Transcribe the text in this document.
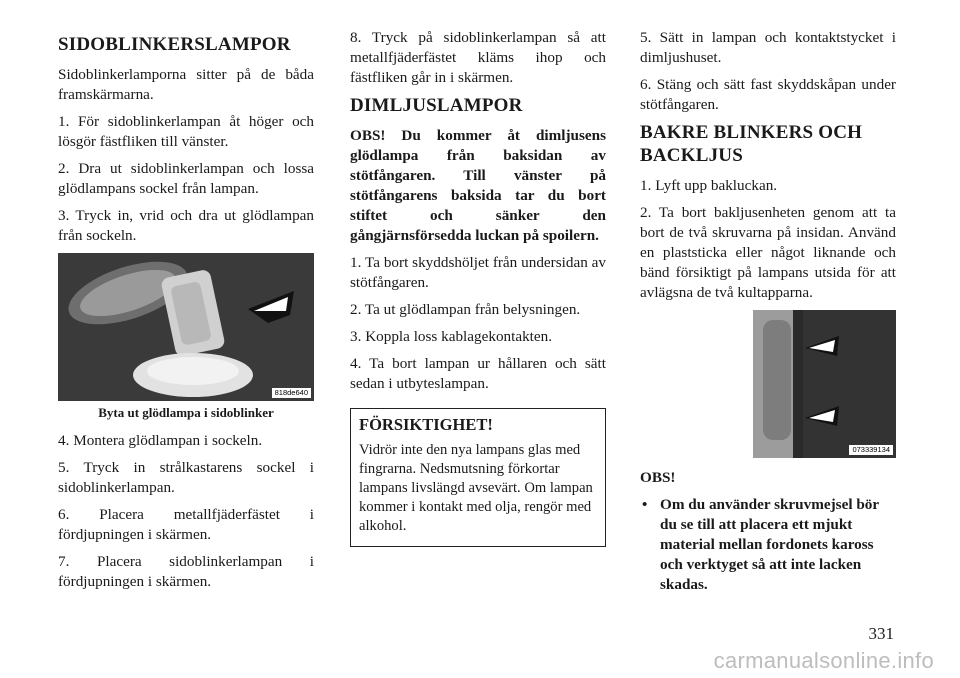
SIDOBLINKERSLAMPOR

Sidoblinkerlamporna sitter på de båda framskärmarna.

1. För sidoblinkerlampan åt höger och lösgör fästfliken till vänster.

2. Dra ut sidoblinkerlampan och lossa glödlampans sockel från lampan.

3. Tryck in, vrid och dra ut glödlampan från sockeln.

818de640
Byta ut glödlampa i sidoblinker

4. Montera glödlampan i sockeln.

5. Tryck in strålkastarens sockel i sidoblinkerlampan.

6. Placera metallfjäderfästet i fördjupningen i skärmen.

7. Placera sidoblinkerlampan i fördjupningen i skärmen.

8. Tryck på sidoblinkerlampan så att metallfjäderfästet kläms ihop och fästfliken går in i skärmen.

DIMLJUSLAMPOR

OBS! Du kommer åt dimljusens glödlampa från baksidan av stötfångaren. Till vänster på stötfångarens baksida tar du bort stiftet och sänker den gångjärnsförsedda luckan på spoilern.

1. Ta bort skyddshöljet från undersidan av stötfångaren.

2. Ta ut glödlampan från belysningen.

3. Koppla loss kablagekontakten.

4. Ta bort lampan ur hållaren och sätt sedan i utbyteslampan.

FÖRSIKTIGHET!

Vidrör inte den nya lampans glas med fingrarna. Nedsmutsning förkortar lampans livslängd avsevärt. Om lampan kommer i kontakt med olja, rengör med alkohol.

5. Sätt in lampan och kontaktstycket i dimljushuset.

6. Stäng och sätt fast skyddskåpan under stötfångaren.

BAKRE BLINKERS OCH BACKLJUS

1. Lyft upp bakluckan.

2. Ta bort bakljusenheten genom att ta bort de två skruvarna på insidan. Använd en plaststicka eller något liknande och bänd försiktigt på lampans utsida för att avlägsna de två kultapparna.

073339134

OBS!

• Om du använder skruvmejsel bör du se till att placera ett mjukt material mellan fordonets kaross och verktyget så att inte lacken skadas.
331
carmanualsonline.info
